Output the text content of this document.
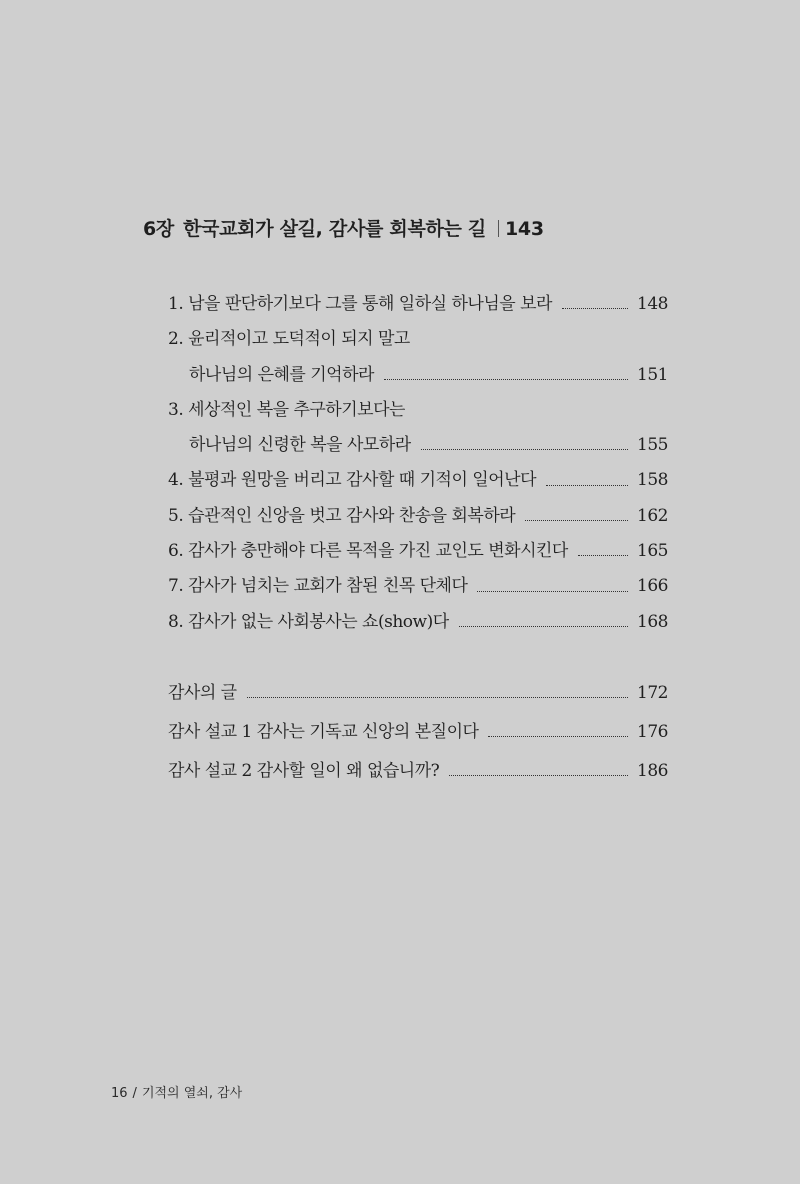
6장 한국교회가 살길, 감사를 회복하는 길 143
1. 남을 판단하기보다 그를 통해 일하실 하나님을 보라	148
2. 윤리적이고 도덕적이 되지 말고
하나님의 은혜를 기억하라	151
3. 세상적인 복을 추구하기보다는
하나님의 신령한 복을 사모하라	155
4. 불평과 원망을 버리고 감사할 때 기적이 일어난다	158
5. 습관적인 신앙을 벗고 감사와 찬송을 회복하라	162
6. 감사가 충만해야 다른 목적을 가진 교인도 변화시킨다	165
7. 감사가 넘치는 교회가 참된 친목 단체다	166
8. 감사가 없는 사회봉사는 쇼(show)다	168
감사의 글	172
감사 설교 1 감사는 기독교 신앙의 본질이다	176
감사 설교 2 감사할 일이 왜 없습니까?	186
16 / 기적의 열쇠, 감사
